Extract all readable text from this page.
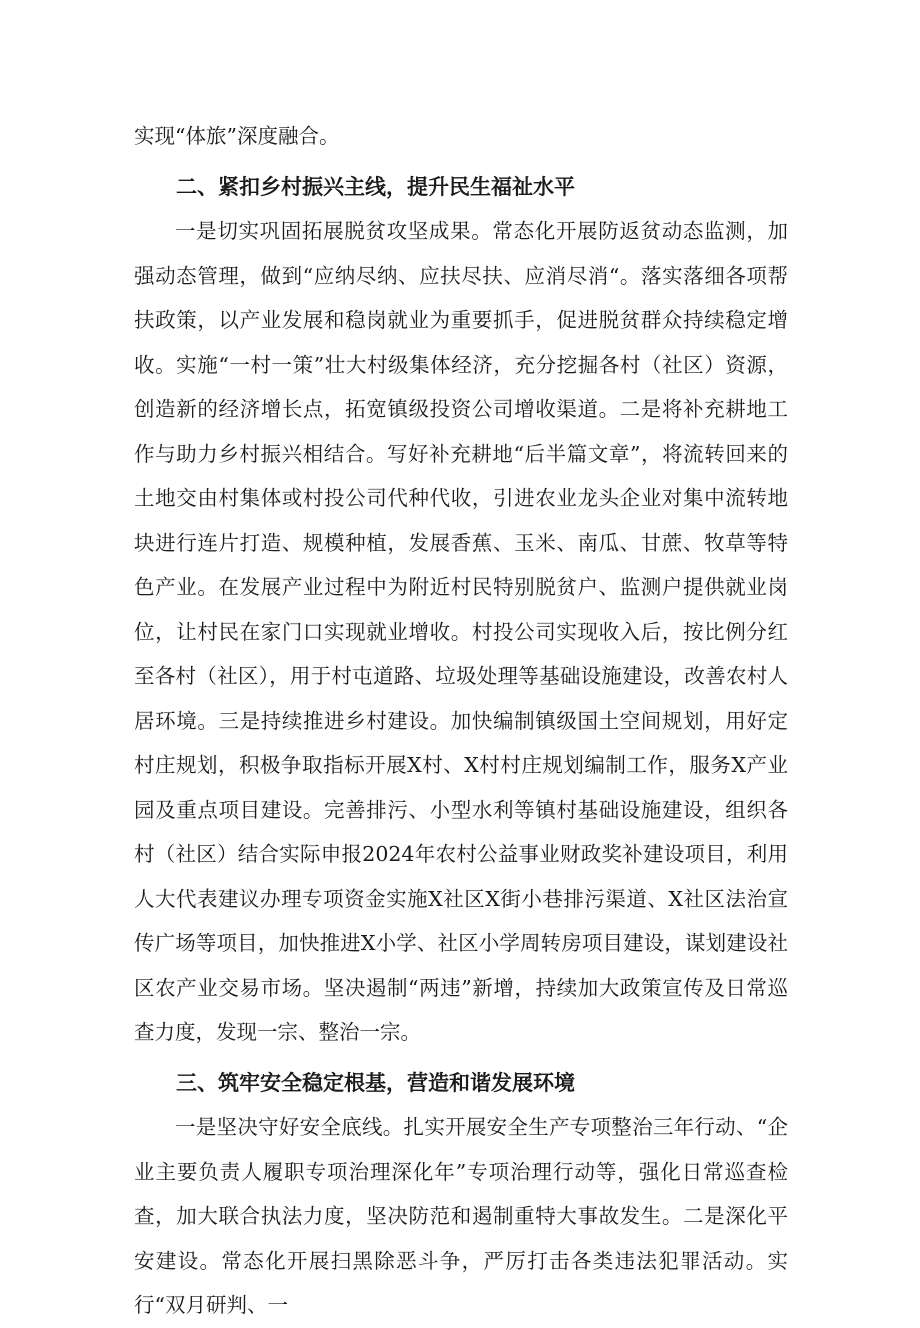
实现“体旅”深度融合。

二、紧扣乡村振兴主线，提升民生福祉水平

一是切实巩固拓展脱贫攻坚成果。常态化开展防返贫动态监测，加强动态管理，做到“应纳尽纳、应扶尽扶、应消尽消“。落实落细各项帮扶政策，以产业发展和稳岗就业为重要抓手，促进脱贫群众持续稳定增收。实施“一村一策”壮大村级集体经济，充分挖掘各村（社区）资源，创造新的经济增长点，拓宽镇级投资公司增收渠道。二是将补充耕地工作与助力乡村振兴相结合。写好补充耕地“后半篇文章”，将流转回来的土地交由村集体或村投公司代种代收，引进农业龙头企业对集中流转地块进行连片打造、规模种植，发展香蕉、玉米、南瓜、甘蔗、牧草等特色产业。在发展产业过程中为附近村民特别脱贫户、监测户提供就业岗位，让村民在家门口实现就业增收。村投公司实现收入后，按比例分红至各村（社区），用于村屯道路、垃圾处理等基础设施建设，改善农村人居环境。三是持续推进乡村建设。加快编制镇级国土空间规划，用好定村庄规划，积极争取指标开展X村、X村村庄规划编制工作，服务X产业园及重点项目建设。完善排污、小型水利等镇村基础设施建设，组织各村（社区）结合实际申报2024年农村公益事业财政奖补建设项目，利用人大代表建议办理专项资金实施X社区X街小巷排污渠道、X社区法治宣传广场等项目，加快推进X小学、社区小学周转房项目建设，谋划建设社区农产业交易市场。坚决遏制“两违”新增，持续加大政策宣传及日常巡查力度，发现一宗、整治一宗。

三、筑牢安全稳定根基，营造和谐发展环境

一是坚决守好安全底线。扎实开展安全生产专项整治三年行动、“企业主要负责人履职专项治理深化年”专项治理行动等，强化日常巡查检查，加大联合执法力度，坚决防范和遏制重特大事故发生。二是深化平安建设。常态化开展扫黑除恶斗争，严厉打击各类违法犯罪活动。实行“双月研判、一
